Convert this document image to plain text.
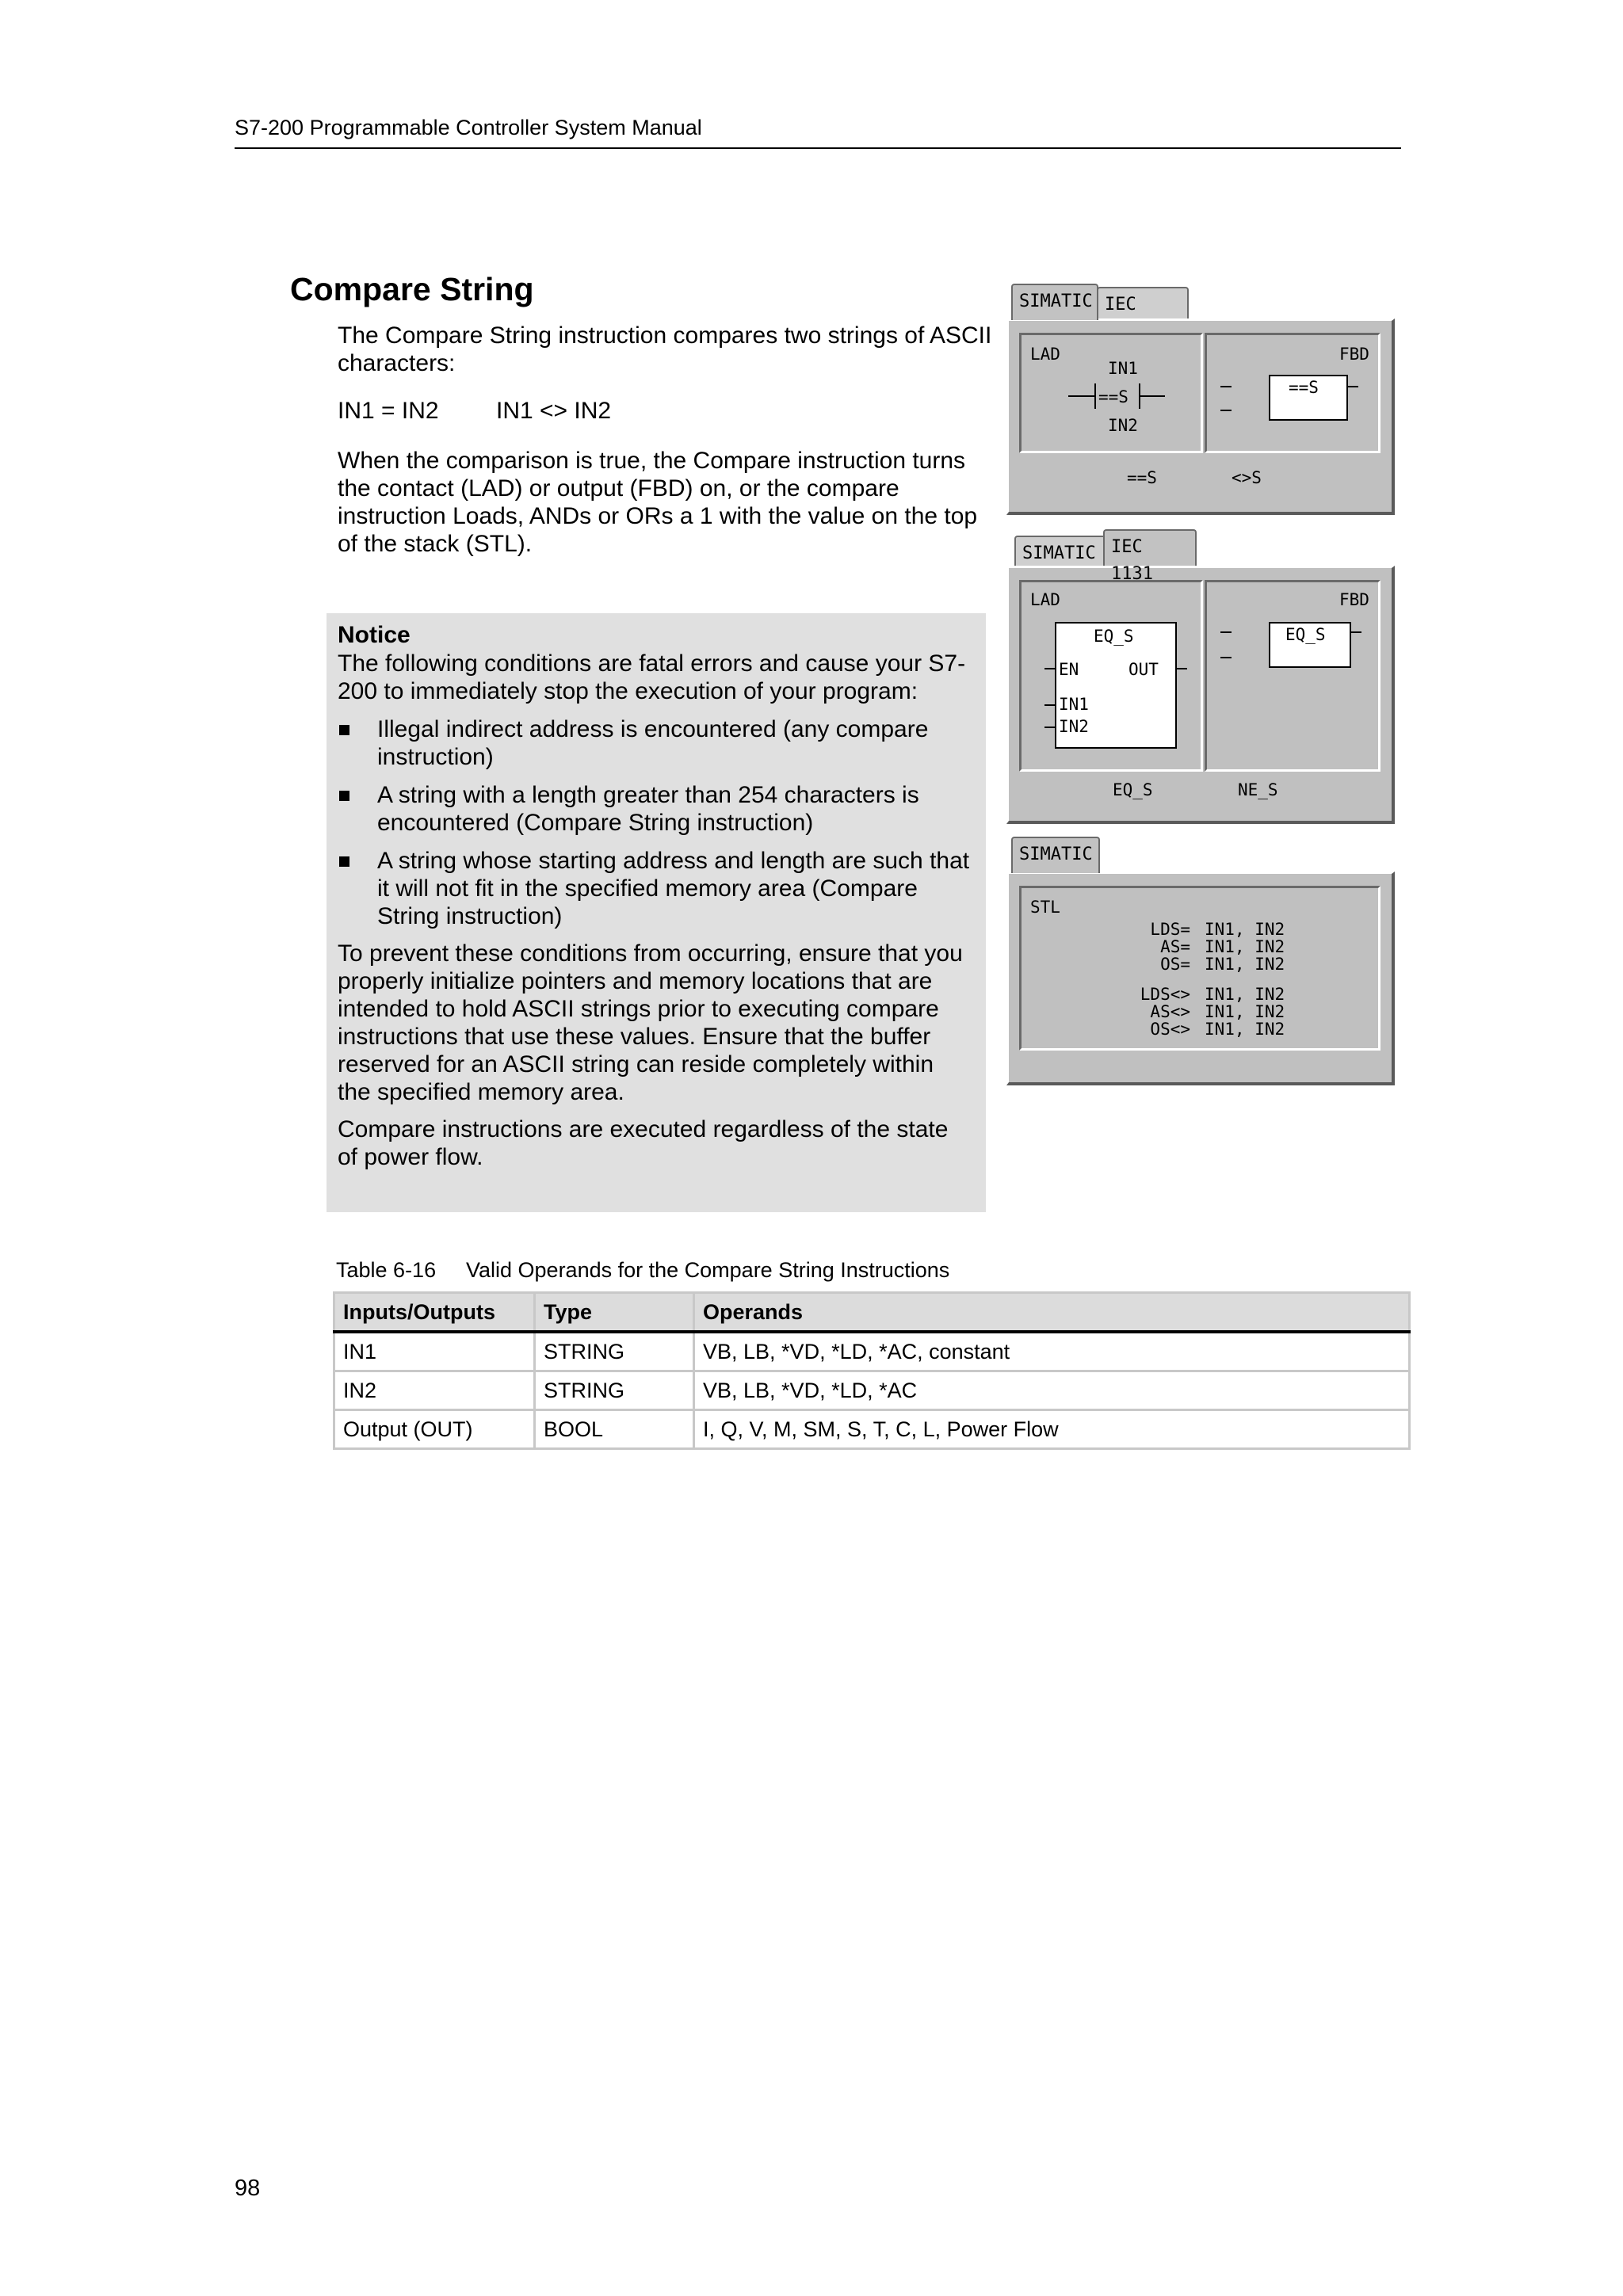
S7-200 Programmable Controller System Manual
Compare String
The Compare String instruction compares two strings of ASCII characters:
IN1 = IN2 IN1 <> IN2
When the comparison is true, the Compare instruction turns the contact (LAD) or output (FBD) on, or the compare instruction Loads, ANDs or ORs a 1 with the value on the top of the stack (STL).
Notice

The following conditions are fatal errors and cause your S7-200 to immediately stop the execution of your program:

Illegal indirect address is encountered (any compare instruction)
A string with a length greater than 254 characters is encountered (Compare String instruction)
A string whose starting address and length are such that it will not fit in the specified memory area (Compare String instruction)

To prevent these conditions from occurring, ensure that you properly initialize pointers and memory locations that are intended to hold ASCII strings prior to executing compare instructions that use these values. Ensure that the buffer reserved for an ASCII string can reside completely within the specified memory area.

Compare instructions are executed regardless of the state of power flow.

SIMATIC IEC
LAD	FBD
IN1
==S
IN2
==S
==S	<>S
SIMATIC IEC 1131
LAD	FBD
EQ_S
EN	OUT
IN1
IN2
EQ_S
EQ_S	NE_S
SIMATIC
STL
LDS= IN1, IN2
AS= IN1, IN2
OS= IN1, IN2
LDS<> IN1, IN2
AS<> IN1, IN2
OS<> IN1, IN2
Table 6-16 Valid Operands for the Compare String Instructions
Inputs/Outputs	Type	Operands
IN1	STRING	VB, LB, *VD, *LD, *AC, constant
IN2	STRING	VB, LB, *VD, *LD, *AC
Output (OUT)	BOOL	I, Q, V, M, SM, S, T, C, L, Power Flow
98
